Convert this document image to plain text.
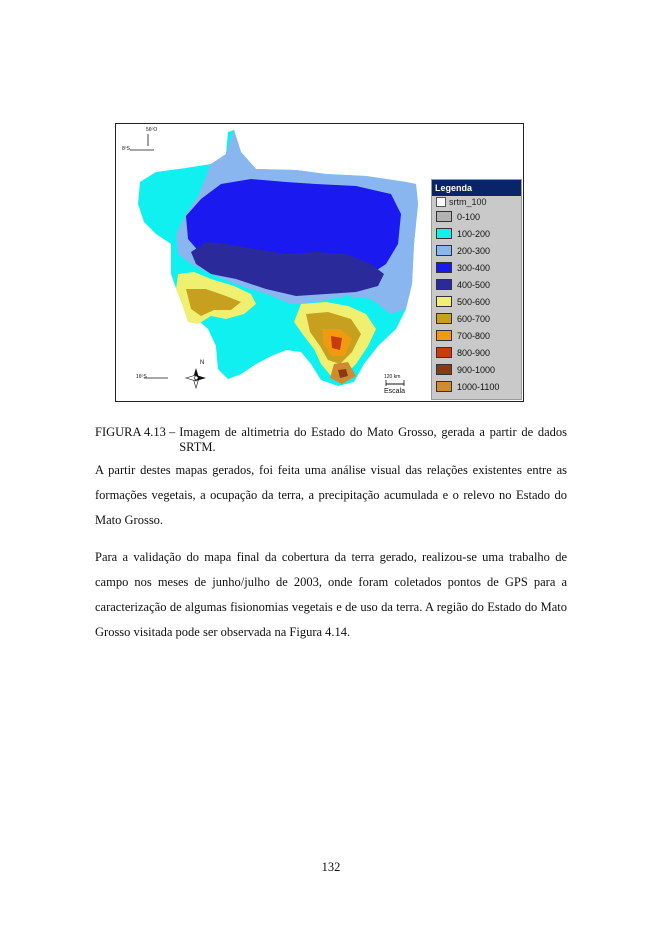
56ºO
8ºS
16ºS
N
120 km
Escala
Legenda
srtm_100
0-100
100-200
200-300
300-400
400-500
500-600
600-700
700-800
800-900
900-1000
1000-1100
FIGURA 4.13 – Imagem de altimetria do Estado do Mato Grosso, gerada a partir de dados SRTM.

A partir destes mapas gerados, foi feita uma análise visual das relações existentes entre as formações vegetais, a ocupação da terra, a precipitação acumulada e o relevo no Estado do Mato Grosso.

Para a validação do mapa final da cobertura da terra gerado, realizou-se uma trabalho de campo nos meses de junho/julho de 2003, onde foram coletados pontos de GPS para a caracterização de algumas fisionomias vegetais e de uso da terra. A região do Estado do Mato Grosso visitada pode ser observada na Figura 4.14.

132
